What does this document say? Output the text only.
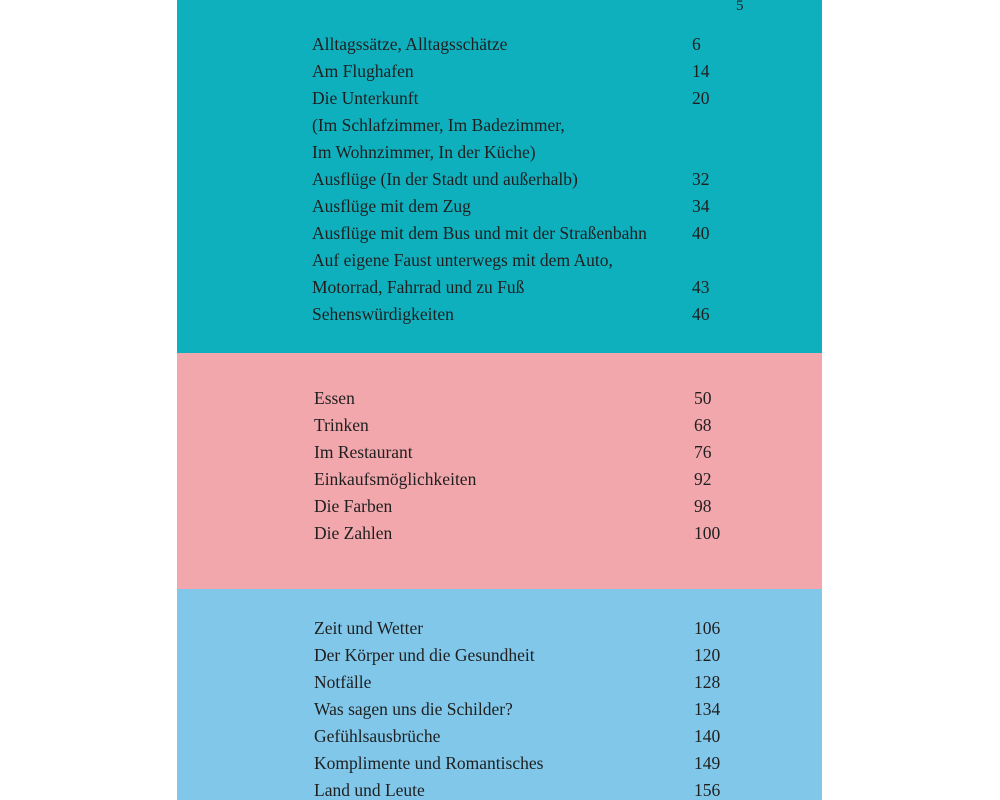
5
Alltagssätze, Alltagsschätze	6
Am Flughafen	14
Die Unterkunft	20
(Im Schlafzimmer, Im Badezimmer,
Im Wohnzimmer, In der Küche)
Ausflüge (In der Stadt und außerhalb)	32
Ausflüge mit dem Zug	34
Ausflüge mit dem Bus und mit der Straßenbahn	40
Auf eigene Faust unterwegs mit dem Auto,
Motorrad, Fahrrad und zu Fuß	43
Sehenswürdigkeiten	46
Essen	50
Trinken	68
Im Restaurant	76
Einkaufsmöglichkeiten	92
Die Farben	98
Die Zahlen	100
Zeit und Wetter	106
Der Körper und die Gesundheit	120
Notfälle	128
Was sagen uns die Schilder?	134
Gefühlsausbrüche	140
Komplimente und Romantisches	149
Land und Leute	156
